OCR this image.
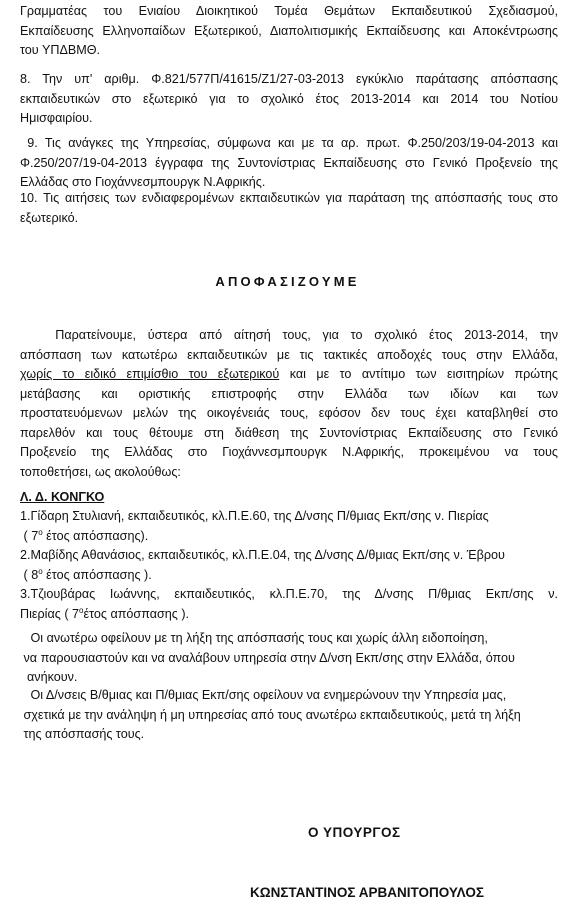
Γραμματέας του Ενιαίου Διοικητικού Τομέα Θεμάτων Εκπαιδευτικού Σχεδιασμού,
Εκπαίδευσης Ελληνοπαίδων Εξωτερικού, Διαπολιτισμικής Εκπαίδευσης και Αποκέντρωσης
του ΥΠΔΒΜΘ.
8. Την υπ' αριθμ. Φ.821/577Π/41615/Ζ1/27-03-2013 εγκύκλιο παράτασης απόσπασης
εκπαιδευτικών στο εξωτερικό για το σχολικό έτος 2013-2014 και 2014 του Νοτίου
Ημισφαιρίου.
9. Τις ανάγκες της Υπηρεσίας, σύμφωνα και με τα αρ. πρωτ. Φ.250/203/19-04-2013 και
Φ.250/207/19-04-2013 έγγραφα της Συντονίστριας Εκπαίδευσης στο Γενικό Προξενείο της
Ελλάδας στο Γιοχάννεσμπουργκ Ν.Αφρικής.
10. Τις αιτήσεις των ενδιαφερομένων εκπαιδευτικών για παράταση της απόσπασής τους στο
εξωτερικό.
ΑΠΟΦΑΣΙΖΟΥΜΕ
Παρατείνουμε, ύστερα από αίτησή τους, για το σχολικό έτος 2013-2014, την
απόσπαση των κατωτέρω εκπαιδευτικών με τις τακτικές αποδοχές τους στην Ελλάδα,
χωρίς το ειδικό επιμίσθιο του εξωτερικού και με το αντίτιμο των εισιτηρίων πρώτης
μετάβασης και οριστικής επιστροφής στην Ελλάδα των ιδίων και των
προστατευόμενων μελών της οικογένειάς τους, εφόσον δεν τους έχει καταβληθεί στο
παρελθόν και τους θέτουμε στη διάθεση της Συντονίστριας Εκπαίδευσης στο Γενικό
Προξενείο της Ελλάδας στο Γιοχάννεσμπουργκ Ν.Αφρικής, προκειμένου να τους
τοποθετήσει, ως ακολούθως:
Λ. Δ. ΚΟΝΓΚΟ
1.Γίδαρη Στυλιανή, εκπαιδευτικός, κλ.Π.Ε.60, της Δ/νσης Π/θμιας Εκπ/σης ν. Πιερίας
( $7^o$ έτος απόσπασης).
2.Μαβίδης Αθανάσιος, εκπαιδευτικός, κλ.Π.Ε.04, της Δ/νσης Δ/θμιας Εκπ/σης ν. Έβρου
( $8^o$ έτος απόσπασης ).
3.Τζιουβάρας Ιωάννης, εκπαιδευτικός, κλ.Π.Ε.70, της Δ/νσης Π/θμιας Εκπ/σης ν.
Πιερίας ( $7^oέ\tau o\varsigma$ απόσπασης ).
Οι ανωτέρω οφείλουν με τη λήξη της απόσπασής τους και χωρίς άλλη ειδοποίηση,
να παρουσιαστούν και να αναλάβουν υπηρεσία στην Δ/νση Εκπ/σης στην Ελλάδα, όπου
ανήκουν.
Οι Δ/νσεις Β/θμιας και Π/θμιας Εκπ/σης οφείλουν να ενημερώνουν την Υπηρεσία μας,
σχετικά με την ανάληψη ή μη υπηρεσίας από τους ανωτέρω εκπαιδευτικούς, μετά τη λήξη
της απόσπασής τους.
Ο ΥΠΟΥΡΓΟΣ
ΚΩΝΣΤΑΝΤΙΝΟΣ ΑΡΒΑΝΙΤΟΠΟΥΛΟΣ
